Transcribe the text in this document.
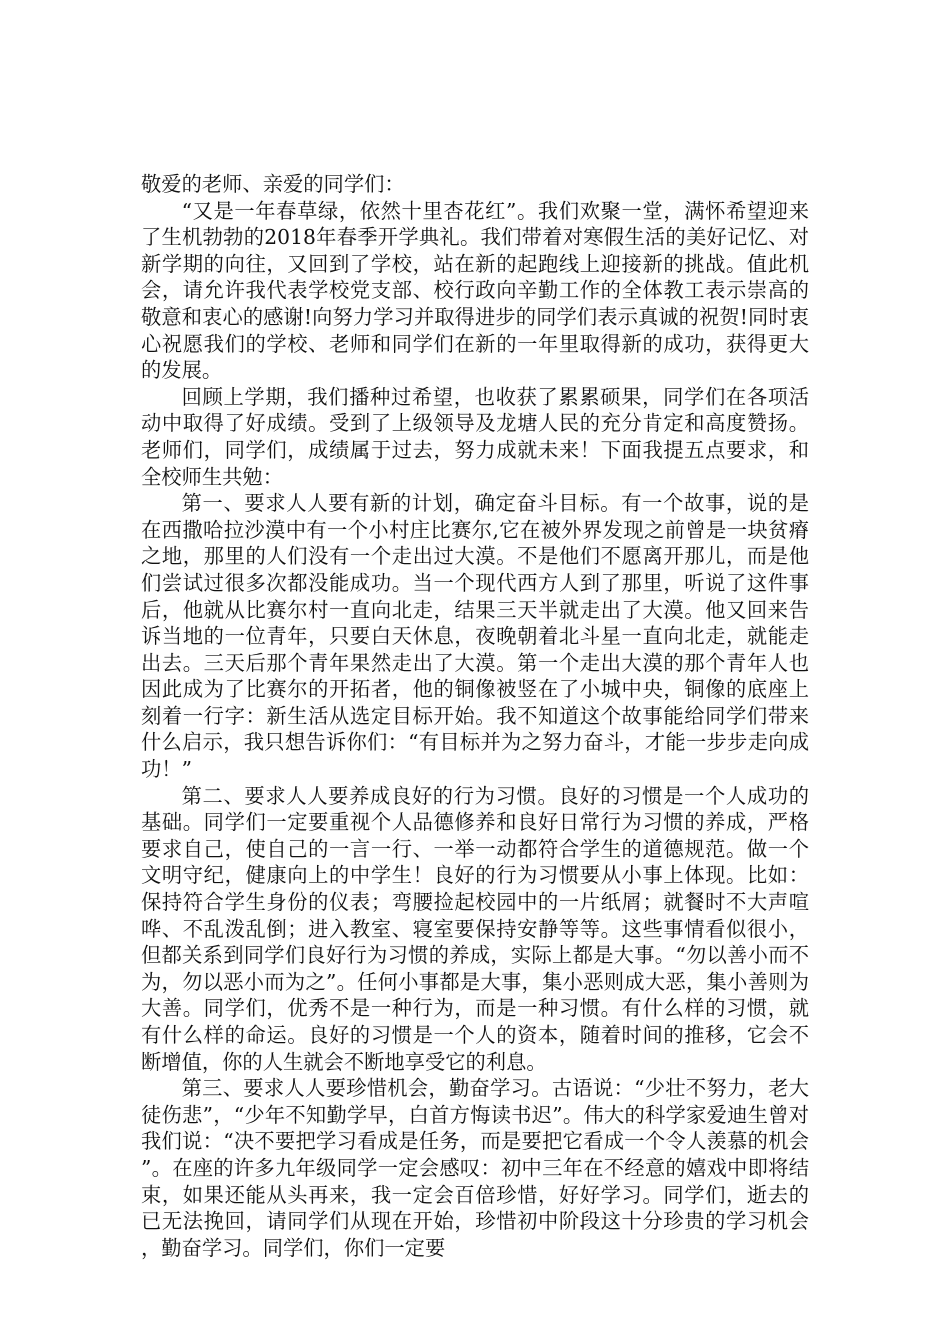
敬爱的老师、亲爱的同学们：

“又是一年春草绿，依然十里杏花红”。我们欢聚一堂，满怀希望迎来了生机勃勃的2018年春季开学典礼。我们带着对寒假生活的美好记忆、对新学期的向往，又回到了学校，站在新的起跑线上迎接新的挑战。值此机会，请允许我代表学校党支部、校行政向辛勤工作的全体教工表示崇高的敬意和衷心的感谢!向努力学习并取得进步的同学们表示真诚的祝贺!同时衷心祝愿我们的学校、老师和同学们在新的一年里取得新的成功，获得更大的发展。

回顾上学期，我们播种过希望，也收获了累累硕果，同学们在各项活动中取得了好成绩。受到了上级领导及龙塘人民的充分肯定和高度赞扬。老师们，同学们，成绩属于过去，努力成就未来！下面我提五点要求，和全校师生共勉：

第一、要求人人要有新的计划，确定奋斗目标。有一个故事，说的是在西撒哈拉沙漠中有一个小村庄比赛尔,它在被外界发现之前曾是一块贫瘠之地，那里的人们没有一个走出过大漠。不是他们不愿离开那儿，而是他们尝试过很多次都没能成功。当一个现代西方人到了那里，听说了这件事后，他就从比赛尔村一直向北走，结果三天半就走出了大漠。他又回来告诉当地的一位青年，只要白天休息，夜晚朝着北斗星一直向北走，就能走出去。三天后那个青年果然走出了大漠。第一个走出大漠的那个青年人也因此成为了比赛尔的开拓者，他的铜像被竖在了小城中央，铜像的底座上刻着一行字：新生活从选定目标开始。我不知道这个故事能给同学们带来什么启示，我只想告诉你们：“有目标并为之努力奋斗，才能一步步走向成功！”

第二、要求人人要养成良好的行为习惯。良好的习惯是一个人成功的基础。同学们一定要重视个人品德修养和良好日常行为习惯的养成，严格要求自己，使自己的一言一行、一举一动都符合学生的道德规范。做一个文明守纪，健康向上的中学生！良好的行为习惯要从小事上体现。比如：保持符合学生身份的仪表；弯腰捡起校园中的一片纸屑；就餐时不大声喧哗、不乱泼乱倒；进入教室、寝室要保持安静等等。这些事情看似很小，但都关系到同学们良好行为习惯的养成，实际上都是大事。“勿以善小而不为，勿以恶小而为之”。任何小事都是大事，集小恶则成大恶，集小善则为大善。同学们，优秀不是一种行为，而是一种习惯。有什么样的习惯，就有什么样的命运。良好的习惯是一个人的资本，随着时间的推移，它会不断增值，你的人生就会不断地享受它的利息。

第三、要求人人要珍惜机会，勤奋学习。古语说：“少壮不努力，老大徒伤悲”，“少年不知勤学早，白首方悔读书迟”。伟大的科学家爱迪生曾对我们说：“决不要把学习看成是任务，而是要把它看成一个令人羡慕的机会”。在座的许多九年级同学一定会感叹：初中三年在不经意的嬉戏中即将结束，如果还能从头再来，我一定会百倍珍惜，好好学习。同学们，逝去的已无法挽回，请同学们从现在开始，珍惜初中阶段这十分珍贵的学习机会，勤奋学习。同学们，你们一定要
